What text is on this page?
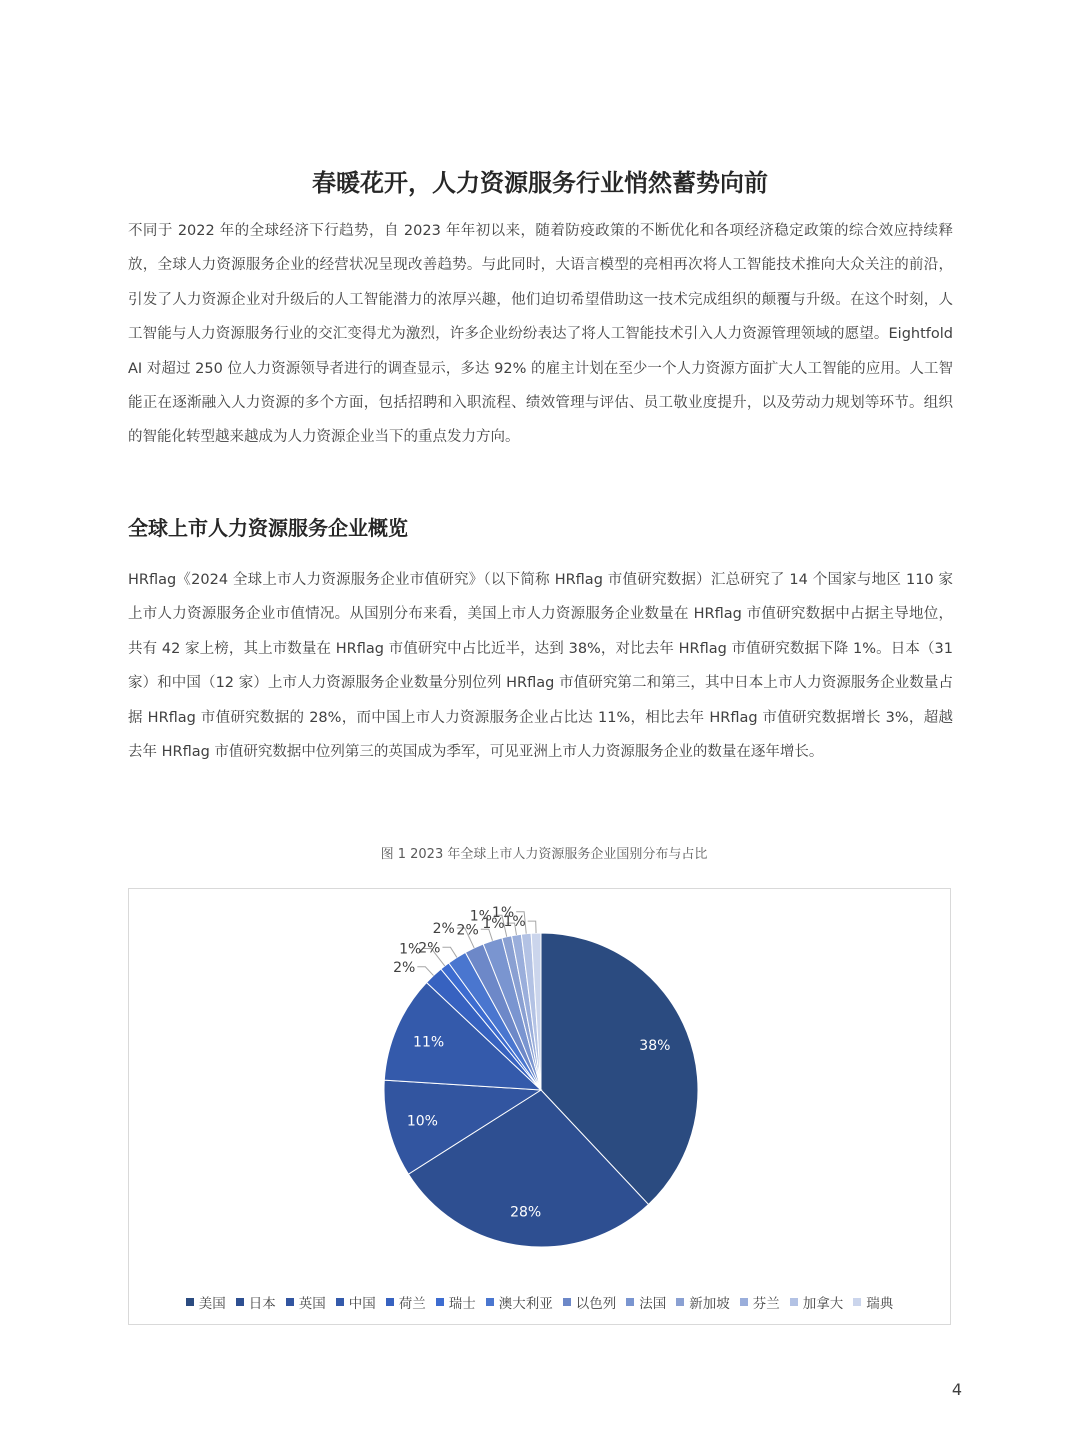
春暖花开，人力资源服务行业悄然蓄势向前

不同于 2022 年的全球经济下行趋势，自 2023 年年初以来，随着防疫政策的不断优化和各项经济稳定政策的综合效应持续释放，全球人力资源服务企业的经营状况呈现改善趋势。与此同时，大语言模型的亮相再次将人工智能技术推向大众关注的前沿，引发了人力资源企业对升级后的人工智能潜力的浓厚兴趣，他们迫切希望借助这一技术完成组织的颠覆与升级。在这个时刻，人工智能与人力资源服务行业的交汇变得尤为激烈，许多企业纷纷表达了将人工智能技术引入人力资源管理领域的愿望。Eightfold AI 对超过 250 位人力资源领导者进行的调查显示，多达 92% 的雇主计划在至少一个人力资源方面扩大人工智能的应用。人工智能正在逐渐融入人力资源的多个方面，包括招聘和入职流程、绩效管理与评估、员工敬业度提升，以及劳动力规划等环节。组织的智能化转型越来越成为人力资源企业当下的重点发力方向。

全球上市人力资源服务企业概览

HRflag《2024 全球上市人力资源服务企业市值研究》（以下简称 HRflag 市值研究数据）汇总研究了 14 个国家与地区 110 家上市人力资源服务企业市值情况。从国别分布来看，美国上市人力资源服务企业数量在 HRflag 市值研究数据中占据主导地位，共有 42 家上榜，其上市数量在 HRflag 市值研究中占比近半，达到 38%，对比去年 HRflag 市值研究数据下降 1%。日本（31 家）和中国（12 家）上市人力资源服务企业数量分别位列 HRflag 市值研究第二和第三，其中日本上市人力资源服务企业数量占据 HRflag 市值研究数据的 28%，而中国上市人力资源服务企业占比达 11%，相比去年 HRflag 市值研究数据增长 3%，超越去年 HRflag 市值研究数据中位列第三的英国成为季军，可见亚洲上市人力资源服务企业的数量在逐年增长。

图 1 2023 年全球上市人力资源服务企业国别分布与占比
38%
28%
10%
11%
2%
1%
2%
2% 2%
1%
1%
1%
1%
美国 日本 英国 中国 荷兰 瑞士 澳大利亚 以色列 法国 新加坡 芬兰 加拿大 瑞典
4
